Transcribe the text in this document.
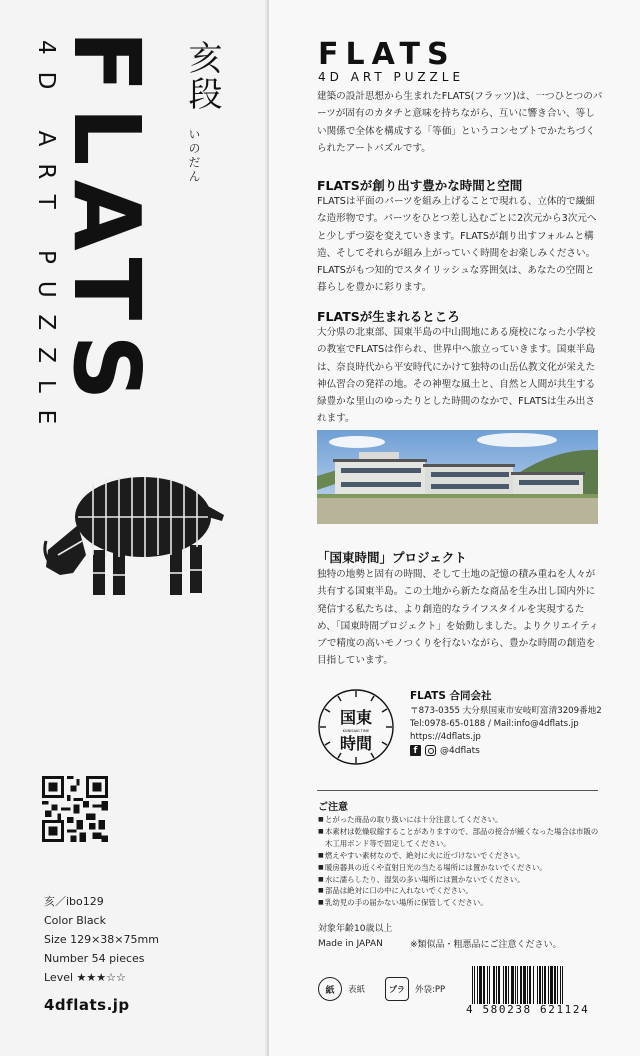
4D ART PUZZLE
FLATS 亥段
いのだん
亥／ibo129
Color Black
Size 129×38×75mm
Number 54 pieces
Level ★★★☆☆
4dflats.jp
FLATS
4D ART PUZZLE
建築の設計思想から生まれたFLATS(フラッツ)は、一つひとつのパーツが固有のカタチと意味を持ちながら、互いに響き合い、等しい関係で全体を構成する「等価」というコンセプトでかたちづくられたアートパズルです。
FLATSが創り出す豊かな時間と空間
FLATSは平面のパーツを組み上げることで現れる、立体的で繊細な造形物です。パーツをひとつ差し込むごとに2次元から3次元へと少しずつ姿を変えていきます。FLATSが創り出すフォルムと構造、そしてそれらが組み上がっていく時間をお楽しみください。FLATSがもつ知的でスタイリッシュな雰囲気は、あなたの空間と暮らしを豊かに彩ります。
FLATSが生まれるところ
大分県の北東部、国東半島の中山間地にある廃校になった小学校の教室でFLATSは作られ、世界中へ旅立っていきます。国東半島は、奈良時代から平安時代にかけて独特の山岳仏教文化が栄えた神仏習合の発祥の地。その神聖な風土と、自然と人間が共生する緑豊かな里山のゆったりとした時間のなかで、FLATSは生み出されます。
「国東時間」プロジェクト
独特の地勢と固有の時間、そして土地の記憶の積み重ねを人々が共有する国東半島。この土地から新たな商品を生み出し国内外に発信する私たちは、より創造的なライフスタイルを実現するため、「国東時間プロジェクト」を始動しました。よりクリエイティブで精度の高いモノつくりを行ないながら、豊かな時間の創造を目指しています。
国東
KUNISAKI TIME
時間
FLATS 合同会社
〒873-0355 大分県国東市安岐町富清3209番地2
Tel:0978-65-0188 / Mail:info@4dflats.jp
https://4dflats.jp
f	@4dflats
ご注意
■ とがった商品の取り扱いには十分注意してください。
■ 本素材は乾燥収縮することがありますので、部品の接合が緩くなった場合は市販の木工用ボンド等で固定してください。
■ 燃えやすい素材なので、絶対に火に近づけないでください。
■ 暖房器具の近くや直射日光の当たる場所には置かないでください。
■ 水に濡らしたり、湿気の多い場所には置かないでください。
■ 部品は絶対に口の中に入れないでください。
■ 乳幼児の手の届かない場所に保管してください。
対象年齢10歳以上
Made in JAPAN	※類似品・粗悪品にご注意ください。
紙	表紙	プラ	外袋:PP
4 580238 621124
